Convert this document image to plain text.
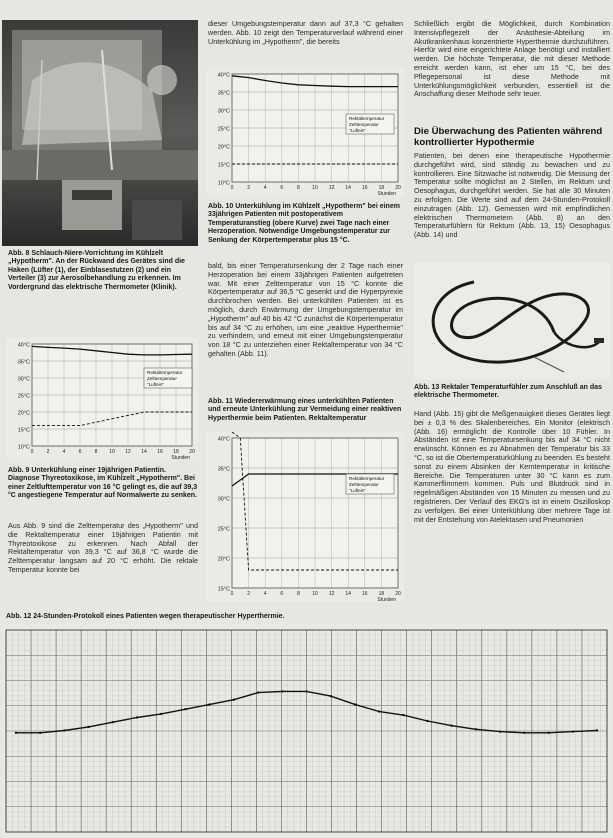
Abb. 8 Schlauch-Niere-Vorrichtung im Kühlzelt „Hypotherm". An der Rückwand des Gerätes sind die Haken (Lüfter (1), der Einblasestutzen (2) und ein Verteiler (3) zur Aerosolbehandlung zu erkennen. Im Vordergrund das elektrische Thermometer (Klinik).
40°C
35°C
30°C
25°C
20°C
15°C
10°C
0	2	4	6	8 10 12 14 16 18 20
Stunden
Rektaltemperatur
Zelttemperatur
"Luftein"
Abb. 9 Unterkühlung einer 19jährigen Patientin. Diagnose Thyreotoxikose, im Kühlzelt „Hypotherm". Bei einer Zeltlufttemperatur von 16 °C gelingt es, die auf 39,3 °C angestiegene Temperatur auf Normalwerte zu senken.
Aus Abb. 9 sind die Zelttemperatur des „Hypotherm" und die Rektaltemperatur einer 19jährigen Patientin mit Thyreotoxikose zu erkennen. Nach Abfall der Rektaltemperatur von 39,3 °C auf 36,8 °C wurde die Zelttemperatur langsam auf 20 °C erhöht. Die rektale Temperatur konnte bei
dieser Umgebungstemperatur dann auf 37,3 °C gehalten werden. Abb. 10 zeigt den Temperaturverlauf während einer Unterkühlung im „Hypotherm", die bereits
40°C
35°C
30°C
25°C
20°C
15°C
10°C
0	2	4	6	8 10 12 14 16 18 20
Stunden
Rektaltemperatur
Zelttemperatur
"Luftein"
Abb. 10 Unterkühlung im Kühlzelt „Hypotherm" bei einem 33jährigen Patienten mit postoperativem Temperaturanstieg (obere Kurve) zwei Tage nach einer Herzoperation. Notwendige Umgebungstemperatur zur Senkung der Körpertemperatur plus 15 °C.
bald, bis einer Temperatursenkung der 2 Tage nach einer Herzoperation bei einem 33jährigen Patienten aufgetreten war. Mit einer Zelttemperatur von 15 °C konnte die Körpertemperatur auf 36,5 °C gesenkt und die Hyperpyrexie durchbrochen werden. Bei unterkühlten Patienten ist es möglich, durch Erwärmung der Umgebungstemperatur im „Hypotherm" auf 40 bis 42 °C zunächst die Körpertemperatur bis auf 34 °C zu erhöhen, um eine „reaktive Hyperthermie" zu verhindern, und erneut mit einer Umgebungstemperatur von 18 °C zu unterziehen einer Rektaltemperatur von 34 °C gehalten (Abb. 11).
Abb. 11 Wiedererwärmung eines unterkühlten Patienten und erneute Unterkühlung zur Vermeidung einer reaktiven Hyperthermie beim Patienten. Rektaltemperatur
40°C
35°C
30°C
25°C
20°C
15°C
0	2	4	6	8 10 12 14 16 18 20
Stunden
Rektaltemperatur
Zelttemperatur
"Luftein"
Schließlich ergibt die Möglichkeit, durch Kombination Intensivpflegezelt der Anästhesie-Abteilung im Akutkrankenhaus konzentrierte Hyperthermie durchzuführen. Hierfür wird eine eingerichtete Anlage benötigt und installiert werden. Die höchste Temperatur, die mit dieser Methode erreicht werden kann, ist eher um 15 °C, bei des Pflegepersonal ist diese Methode mit Unterkühlungsmöglichkeit verbunden, essentiell ist die Anschaffung dieser Methode sehr teuer.
Die Überwachung des Patienten während kontrollierter Hypothermie
Patienten, bei denen eine therapeutische Hypothermie durchgeführt wird, sind ständig zu bewachen und zu kontrollieren. Eine Sitzwache ist notwendig. Die Messung der Temperatur sollte möglichst an 2 Stellen, im Rektum und Oesophagus, durchgeführt werden. Sie hat alle 30 Minuten zu erfolgen. Die Werte sind auf dem 24-Stunden-Protokoll einzutragen (Abb. 12). Gemessen wird mit empfindlichen elektrischen Thermometern (Abb. 8) an den Temperaturfühlern für Rektum (Abb. 13, 15) Oesophagus (Abb. 14) und
Abb. 13 Rektaler Temperaturfühler zum Anschluß an das elektrische Thermometer.
Hand (Abb. 15) gibt die Meßgenauigkeit dieses Gerätes liegt bei ± 0,3 % des Skalenbereiches. Ein Monitor (elektrisch (Abb. 16) ermöglicht die Kontrolle über 10 Fühler. In Abständen ist eine Temperatursenkung bis auf 34 °C nicht erwünscht. Können es zu Abnahmen der Temperatur bis 33 °C, so ist die Obertemperaturkühlung zu beenden. Es besteht sonst zu einem Absinken der Kerntemperatur in kritische Bereiche. Die Temperaturen unter 30 °C kann es zum Kammerflimmern kommen. Puls und Blutdruck sind in regelmäßigen Abständen von 15 Minuten zu messen und zu registrieren. Der Verlauf des EKG's ist in einem Oszilloskop zu verfolgen. Bei einer Unterkühlung über mehrere Tage ist mit der Entstehung von Atelektasen und Pneumonien
Abb. 12 24-Stunden-Protokoll eines Patienten wegen therapeutischer Hyperthermie.
